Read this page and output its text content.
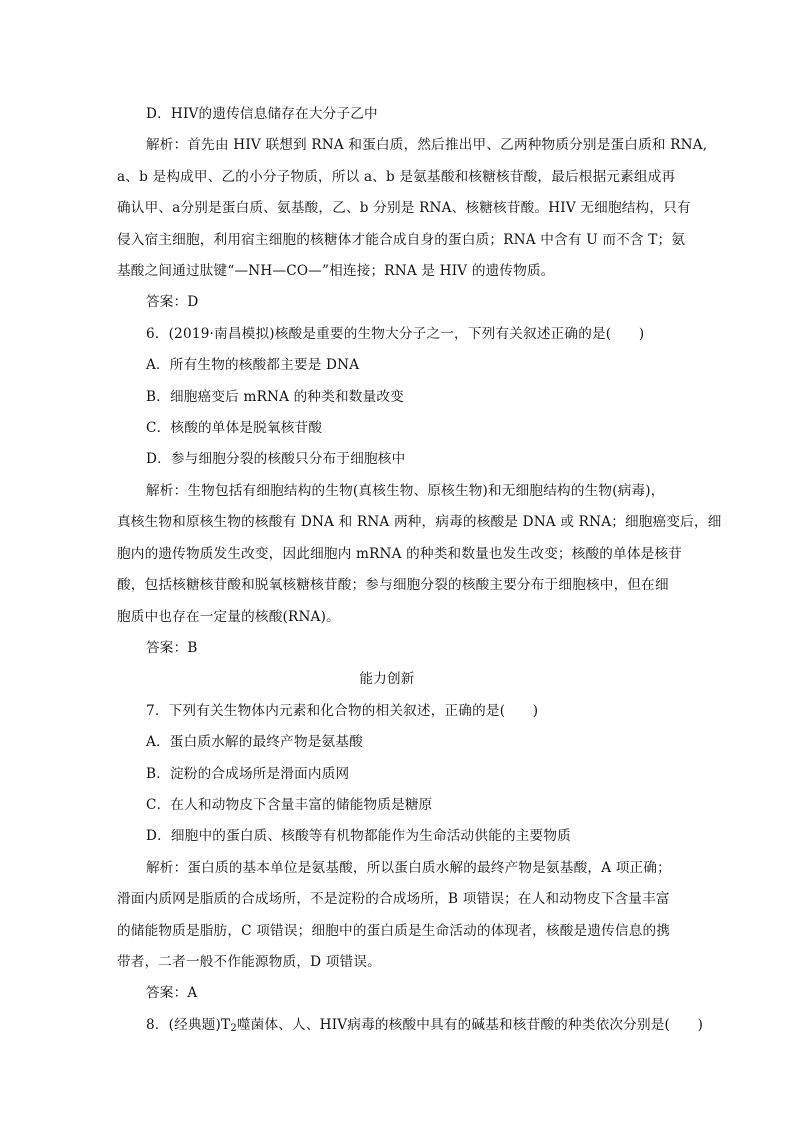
D．HIV的遗传信息储存在大分子乙中
解析：首先由 HIV 联想到 RNA 和蛋白质，然后推出甲、乙两种物质分别是蛋白质和 RNA,
a、b 是构成甲、乙的小分子物质，所以 a、b 是氨基酸和核糖核苷酸，最后根据元素组成再
确认甲、a分别是蛋白质、氨基酸，乙、b 分别是 RNA、核糖核苷酸。HIV 无细胞结构，只有
侵入宿主细胞，利用宿主细胞的核糖体才能合成自身的蛋白质；RNA 中含有 U 而不含 T；氨
基酸之间通过肽键“—NH—CO—”相连接；RNA 是 HIV 的遗传物质。
答案：D
6．(2019·南昌模拟)核酸是重要的生物大分子之一，下列有关叙述正确的是(　　)
A．所有生物的核酸都主要是 DNA
B．细胞癌变后 mRNA 的种类和数量改变
C．核酸的单体是脱氧核苷酸
D．参与细胞分裂的核酸只分布于细胞核中
解析：生物包括有细胞结构的生物(真核生物、原核生物)和无细胞结构的生物(病毒)，
真核生物和原核生物的核酸有 DNA 和 RNA 两种，病毒的核酸是 DNA 或 RNA；细胞癌变后，细
胞内的遗传物质发生改变，因此细胞内 mRNA 的种类和数量也发生改变；核酸的单体是核苷
酸，包括核糖核苷酸和脱氧核糖核苷酸；参与细胞分裂的核酸主要分布于细胞核中，但在细
胞质中也存在一定量的核酸(RNA)。
答案：B
能力创新
7．下列有关生物体内元素和化合物的相关叙述，正确的是(　　)
A．蛋白质水解的最终产物是氨基酸
B．淀粉的合成场所是滑面内质网
C．在人和动物皮下含量丰富的储能物质是糖原
D．细胞中的蛋白质、核酸等有机物都能作为生命活动供能的主要物质
解析：蛋白质的基本单位是氨基酸，所以蛋白质水解的最终产物是氨基酸，A 项正确；
滑面内质网是脂质的合成场所，不是淀粉的合成场所，B 项错误；在人和动物皮下含量丰富
的储能物质是脂肪，C 项错误；细胞中的蛋白质是生命活动的体现者，核酸是遗传信息的携
带者，二者一般不作能源物质，D 项错误。
答案：A
8．(经典题)$T_2$噬菌体、人、HIV病毒的核酸中具有的碱基和核苷酸的种类依次分别是(　　)
